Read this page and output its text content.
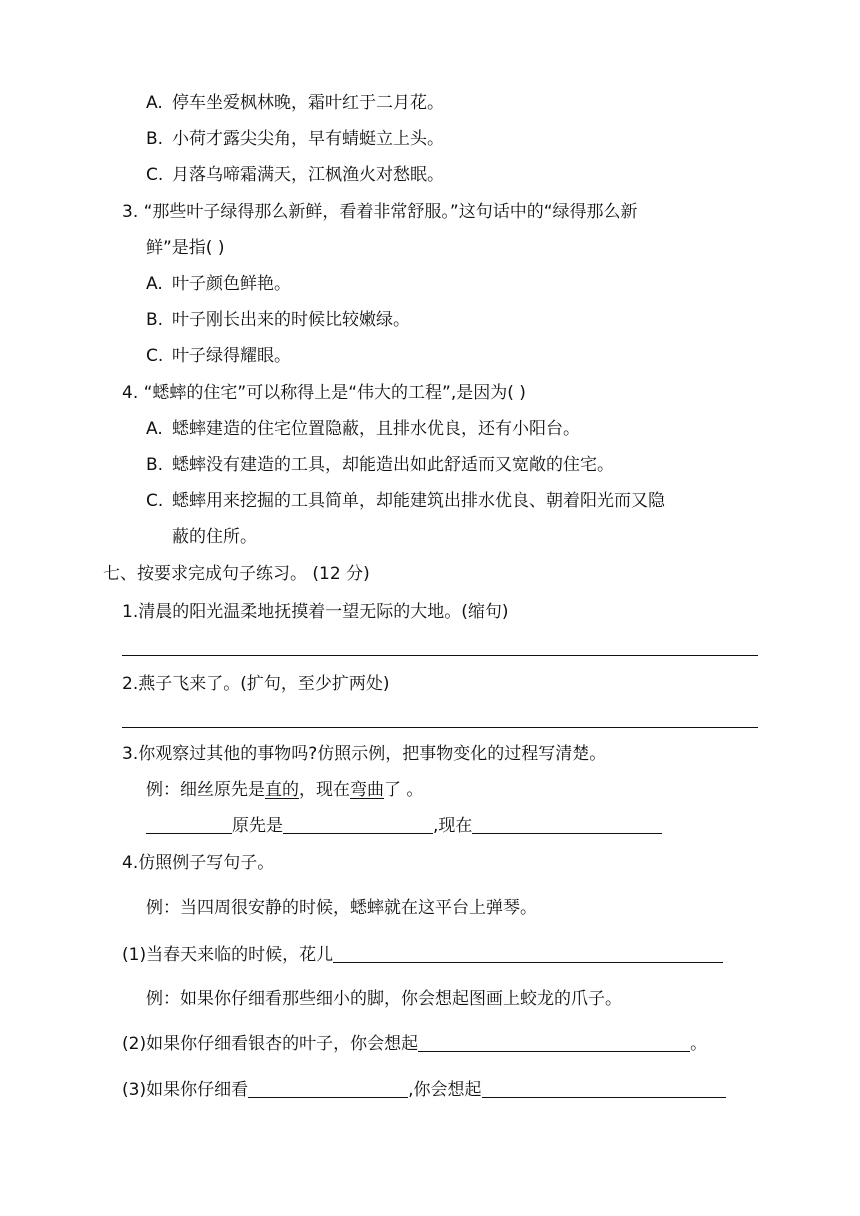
A. 停车坐爱枫林晚，霜叶红于二月花。
B. 小荷才露尖尖角，早有蜻蜓立上头。
C. 月落乌啼霜满天，江枫渔火对愁眠。
3. “那些叶子绿得那么新鲜，看着非常舒服。”这句话中的“绿得那么新
鲜”是指( )
A. 叶子颜色鲜艳。
B. 叶子刚长出来的时候比较嫩绿。
C. 叶子绿得耀眼。
4. “蟋蟀的住宅”可以称得上是“伟大的工程”,是因为( )
A. 蟋蟀建造的住宅位置隐蔽，且排水优良，还有小阳台。
B. 蟋蟀没有建造的工具，却能造出如此舒适而又宽敞的住宅。
C. 蟋蟀用来挖掘的工具简单，却能建筑出排水优良、朝着阳光而又隐
蔽的住所。
七、按要求完成句子练习。 (12 分)
1.清晨的阳光温柔地抚摸着一望无际的大地。(缩句)
2.燕子飞来了。(扩句，至少扩两处)
3.你观察过其他的事物吗?仿照示例，把事物变化的过程写清楚。
例：细丝原先是直的，现在弯曲了 。
原先是	,现在
4.仿照例子写句子。
例：当四周很安静的时候，蟋蟀就在这平台上弹琴。
(1)当春天来临的时候，花儿
例：如果你仔细看那些细小的脚，你会想起图画上蛟龙的爪子。
(2)如果你仔细看银杏的叶子，你会想起	。
(3)如果你仔细看	,你会想起
